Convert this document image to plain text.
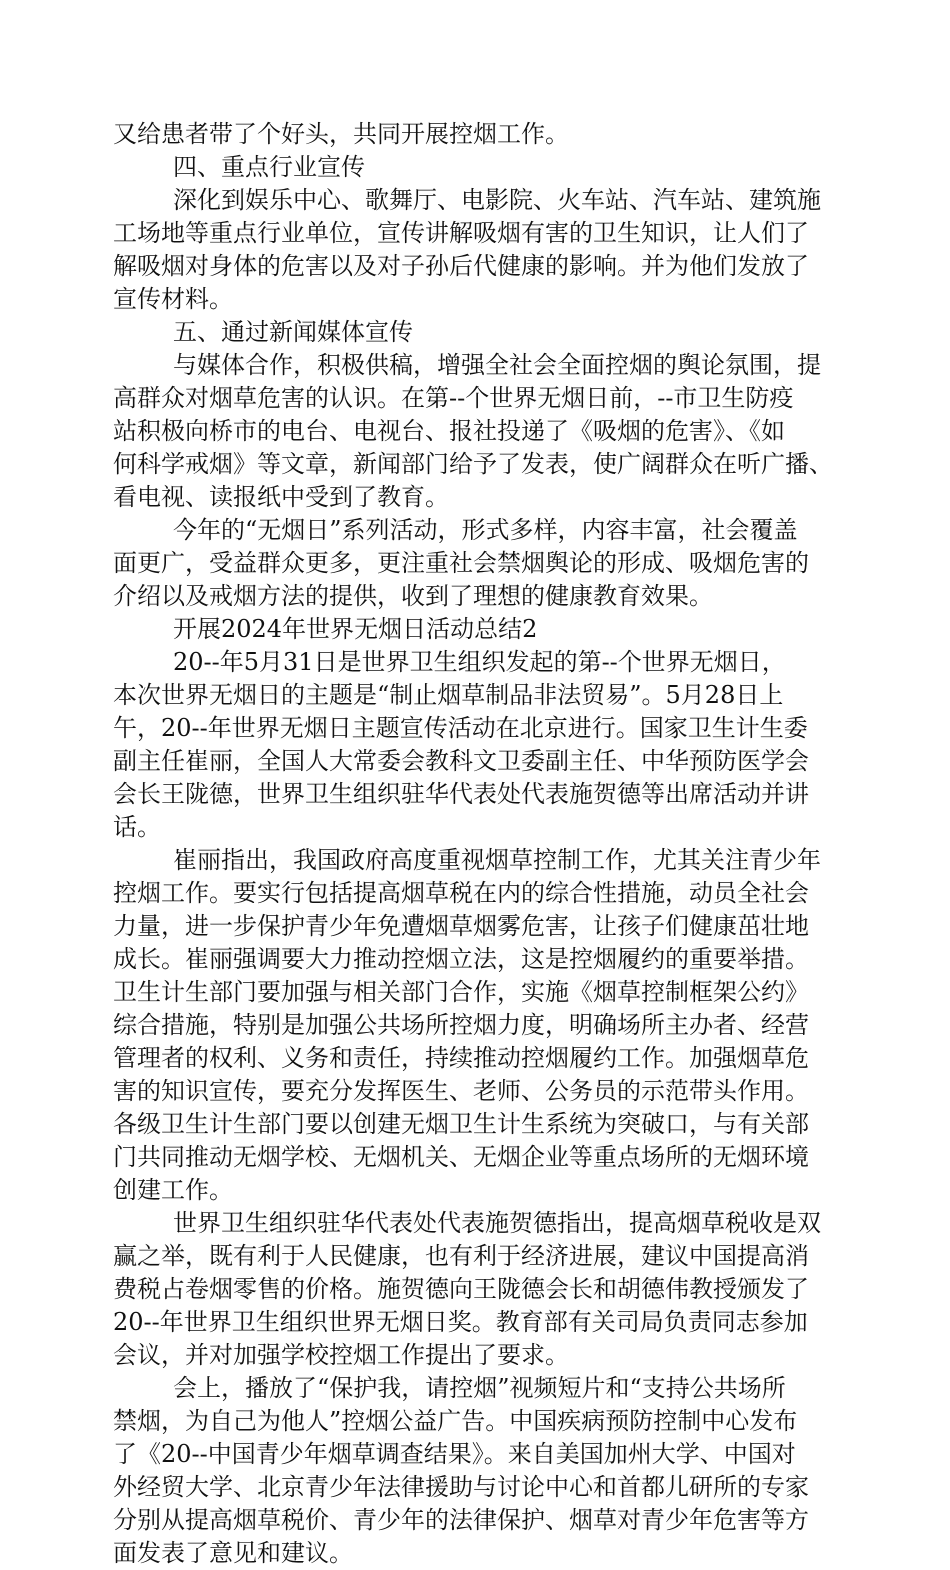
又给患者带了个好头，共同开展控烟工作。
四、重点行业宣传
深化到娱乐中心、歌舞厅、电影院、火车站、汽车站、建筑施
工场地等重点行业单位，宣传讲解吸烟有害的卫生知识，让人们了
解吸烟对身体的危害以及对子孙后代健康的影响。并为他们发放了
宣传材料。
五、通过新闻媒体宣传
与媒体合作，积极供稿，增强全社会全面控烟的舆论氛围，提
高群众对烟草危害的认识。在第--个世界无烟日前，--市卫生防疫
站积极向桥市的电台、电视台、报社投递了《吸烟的危害》、《如
何科学戒烟》等文章，新闻部门给予了发表，使广阔群众在听广播、
看电视、读报纸中受到了教育。
今年的“无烟日”系列活动，形式多样，内容丰富，社会覆盖
面更广，受益群众更多，更注重社会禁烟舆论的形成、吸烟危害的
介绍以及戒烟方法的提供，收到了理想的健康教育效果。
开展2024年世界无烟日活动总结2
20--年5月31日是世界卫生组织发起的第--个世界无烟日，
本次世界无烟日的主题是“制止烟草制品非法贸易”。5月28日上
午，20--年世界无烟日主题宣传活动在北京进行。国家卫生计生委
副主任崔丽，全国人大常委会教科文卫委副主任、中华预防医学会
会长王陇德，世界卫生组织驻华代表处代表施贺德等出席活动并讲
话。
崔丽指出，我国政府高度重视烟草控制工作，尤其关注青少年
控烟工作。要实行包括提高烟草税在内的综合性措施，动员全社会
力量，进一步保护青少年免遭烟草烟雾危害，让孩子们健康茁壮地
成长。崔丽强调要大力推动控烟立法，这是控烟履约的重要举措。
卫生计生部门要加强与相关部门合作，实施《烟草控制框架公约》
综合措施，特别是加强公共场所控烟力度，明确场所主办者、经营
管理者的权利、义务和责任，持续推动控烟履约工作。加强烟草危
害的知识宣传，要充分发挥医生、老师、公务员的示范带头作用。
各级卫生计生部门要以创建无烟卫生计生系统为突破口，与有关部
门共同推动无烟学校、无烟机关、无烟企业等重点场所的无烟环境
创建工作。
世界卫生组织驻华代表处代表施贺德指出，提高烟草税收是双
赢之举，既有利于人民健康，也有利于经济进展，建议中国提高消
费税占卷烟零售的价格。施贺德向王陇德会长和胡德伟教授颁发了
20--年世界卫生组织世界无烟日奖。教育部有关司局负责同志参加
会议，并对加强学校控烟工作提出了要求。
会上，播放了“保护我，请控烟”视频短片和“支持公共场所
禁烟，为自己为他人”控烟公益广告。中国疾病预防控制中心发布
了《20--中国青少年烟草调查结果》。来自美国加州大学、中国对
外经贸大学、北京青少年法律援助与讨论中心和首都儿研所的专家
分别从提高烟草税价、青少年的法律保护、烟草对青少年危害等方
面发表了意见和建议。
